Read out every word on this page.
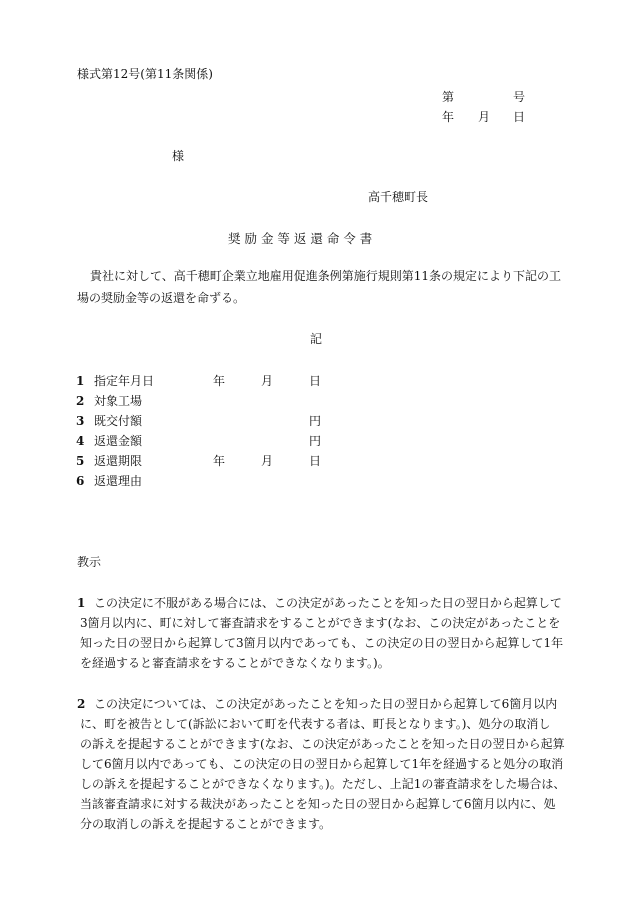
様式第12号(第11条関係)
第	号
年 月 日
様
高千穂町長
奨 励 金 等 返 還 命 令 書
貴社に対して、高千穂町企業立地雇用促進条例第施行規則第11条の規定により下記の工
場の奨励金等の返還を命ずる。
記
1 指定年月日	年	月	日
2 対象工場
3 既交付額	円
4 返還金額	円
5 返還期限	年	月	日
6 返還理由
教示
1 この決定に不服がある場合には、この決定があったことを知った日の翌日から起算して
3箇月以内に、町に対して審査請求をすることができます(なお、この決定があったことを
知った日の翌日から起算して3箇月以内であっても、この決定の日の翌日から起算して1年
を経過すると審査請求をすることができなくなります。)。
2 この決定については、この決定があったことを知った日の翌日から起算して6箇月以内
に、町を被告として(訴訟において町を代表する者は、町長となります。)、処分の取消し
の訴えを提起することができます(なお、この決定があったことを知った日の翌日から起算
して6箇月以内であっても、この決定の日の翌日から起算して1年を経過すると処分の取消
しの訴えを提起することができなくなります。)。ただし、上記1の審査請求をした場合は、
当該審査請求に対する裁決があったことを知った日の翌日から起算して6箇月以内に、処
分の取消しの訴えを提起することができます。
